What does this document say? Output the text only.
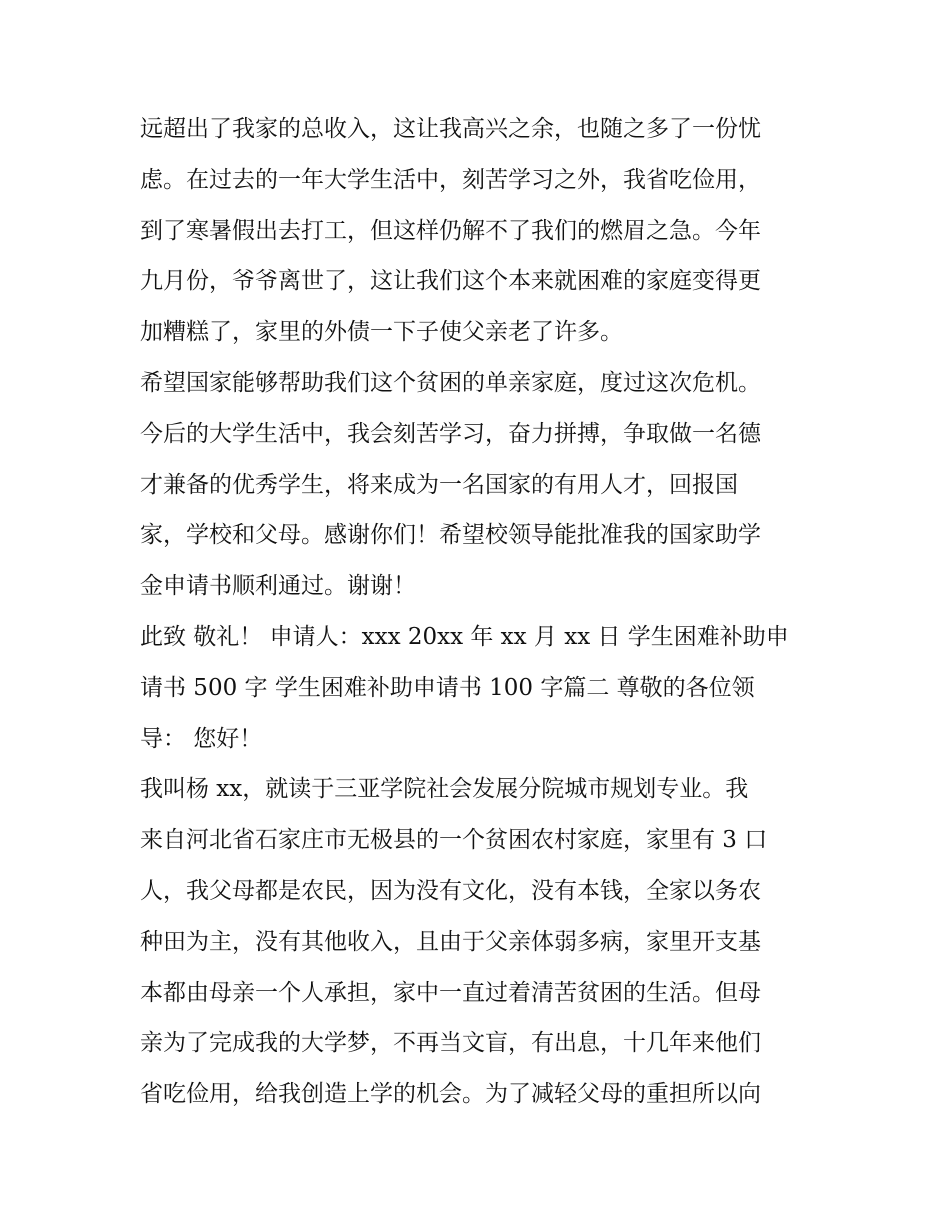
远超出了我家的总收入，这让我高兴之余，也随之多了一份忧
虑。在过去的一年大学生活中，刻苦学习之外，我省吃俭用，
到了寒暑假出去打工，但这样仍解不了我们的燃眉之急。今年
九月份，爷爷离世了，这让我们这个本来就困难的家庭变得更
加糟糕了，家里的外债一下子使父亲老了许多。
希望国家能够帮助我们这个贫困的单亲家庭，度过这次危机。
今后的大学生活中，我会刻苦学习，奋力拼搏，争取做一名德
才兼备的优秀学生，将来成为一名国家的有用人才，回报国
家，学校和父母。感谢你们！希望校领导能批准我的国家助学
金申请书顺利通过。谢谢！
此致 敬礼！ 申请人：xxx 20xx 年 xx 月 xx 日 学生困难补助申
请书 500 字 学生困难补助申请书 100 字篇二 尊敬的各位领
导： 您好！
我叫杨 xx，就读于三亚学院社会发展分院城市规划专业。我
来自河北省石家庄市无极县的一个贫困农村家庭，家里有 3 口
人，我父母都是农民，因为没有文化，没有本钱，全家以务农
种田为主，没有其他收入，且由于父亲体弱多病，家里开支基
本都由母亲一个人承担，家中一直过着清苦贫困的生活。但母
亲为了完成我的大学梦，不再当文盲，有出息，十几年来他们
省吃俭用，给我创造上学的机会。为了减轻父母的重担所以向
